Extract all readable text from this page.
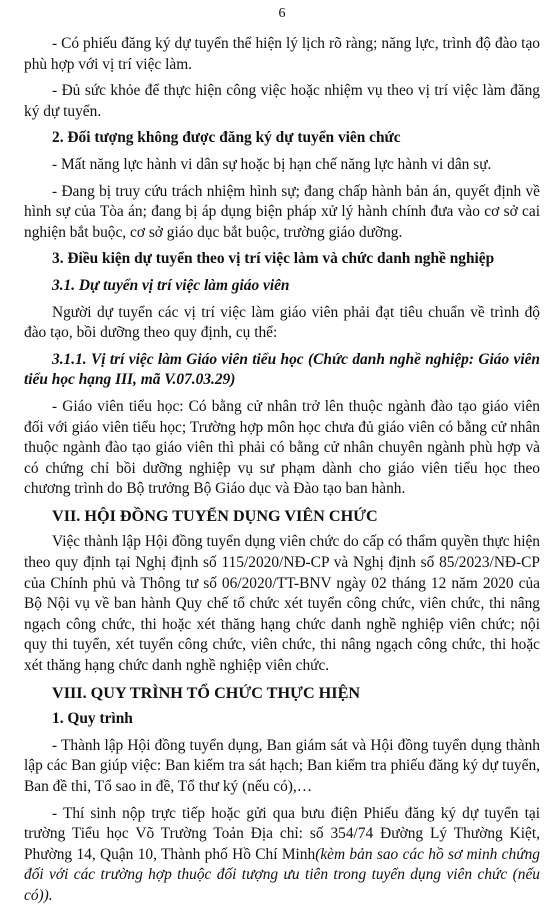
6

- Có phiếu đăng ký dự tuyển thể hiện lý lịch rõ ràng; năng lực, trình độ đào tạo phù hợp với vị trí việc làm.

- Đủ sức khỏe để thực hiện công việc hoặc nhiệm vụ theo vị trí việc làm đăng ký dự tuyển.

2. Đối tượng không được đăng ký dự tuyển viên chức

- Mất năng lực hành vi dân sự hoặc bị hạn chế năng lực hành vi dân sự.

- Đang bị truy cứu trách nhiệm hình sự; đang chấp hành bản án, quyết định về hình sự của Tòa án; đang bị áp dụng biện pháp xử lý hành chính đưa vào cơ sở cai nghiện bắt buộc, cơ sở giáo dục bắt buộc, trường giáo dưỡng.

3. Điều kiện dự tuyển theo vị trí việc làm và chức danh nghề nghiệp

3.1. Dự tuyển vị trí việc làm giáo viên

Người dự tuyển các vị trí việc làm giáo viên phải đạt tiêu chuẩn về trình độ đào tạo, bồi dưỡng theo quy định, cụ thể:

3.1.1. Vị trí việc làm Giáo viên tiểu học (Chức danh nghề nghiệp: Giáo viên tiểu học hạng III, mã V.07.03.29)

- Giáo viên tiểu học: Có bằng cử nhân trở lên thuộc ngành đào tạo giáo viên đối với giáo viên tiểu học; Trường hợp môn học chưa đủ giáo viên có bằng cử nhân thuộc ngành đào tạo giáo viên thì phải có bằng cử nhân chuyên ngành phù hợp và có chứng chỉ bồi dưỡng nghiệp vụ sư phạm dành cho giáo viên tiểu học theo chương trình do Bộ trưởng Bộ Giáo dục và Đào tạo ban hành.

VII. HỘI ĐỒNG TUYỂN DỤNG VIÊN CHỨC

Việc thành lập Hội đồng tuyển dụng viên chức do cấp có thẩm quyền thực hiện theo quy định tại Nghị định số 115/2020/NĐ-CP và Nghị định số 85/2023/NĐ-CP của Chính phủ và Thông tư số 06/2020/TT-BNV ngày 02 tháng 12 năm 2020 của Bộ Nội vụ về ban hành Quy chế tổ chức xét tuyển công chức, viên chức, thi nâng ngạch công chức, thi hoặc xét thăng hạng chức danh nghề nghiệp viên chức; nội quy thi tuyển, xét tuyển công chức, viên chức, thi nâng ngạch công chức, thi hoặc xét thăng hạng chức danh nghề nghiệp viên chức.

VIII. QUY TRÌNH TỔ CHỨC THỰC HIỆN

1. Quy trình

- Thành lập Hội đồng tuyển dụng, Ban giám sát và Hội đồng tuyển dụng thành lập các Ban giúp việc: Ban kiểm tra sát hạch; Ban kiểm tra phiếu đăng ký dự tuyển, Ban đề thi, Tổ sao in đề, Tổ thư ký (nếu có),…

- Thí sinh nộp trực tiếp hoặc gửi qua bưu điện Phiếu đăng ký dự tuyển tại trường Tiểu học Võ Trường Toản Địa chỉ: số 354/74 Đường Lý Thường Kiệt, Phường 14, Quận 10, Thành phố Hồ Chí Minh(kèm bản sao các hồ sơ minh chứng đối với các trường hợp thuộc đối tượng ưu tiên trong tuyển dụng viên chức (nếu có)).
